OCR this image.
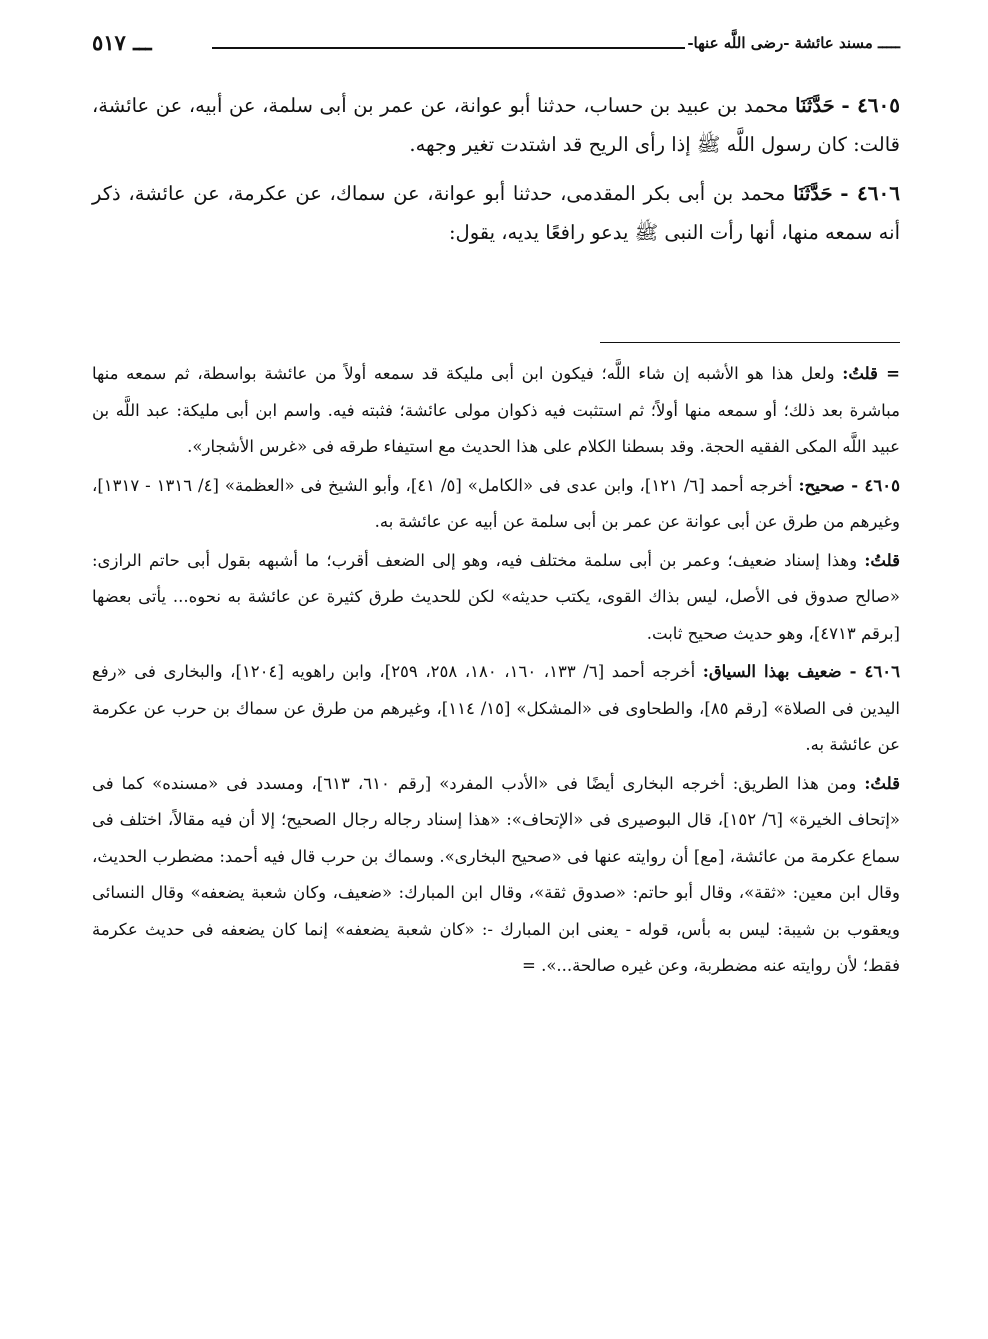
ـــــ مسند عائشة -رضى اللَّه عنها-
ـــ ٥١٧

٤٦٠٥ - حَدَّثَنَا محمد بن عبيد بن حساب، حدثنا أبو عوانة، عن عمر بن أبى سلمة، عن أبيه، عن عائشة، قالت: كان رسول اللَّه ﷺ إذا رأى الريح قد اشتدت تغير وجهه.

٤٦٠٦ - حَدَّثَنَا محمد بن أبى بكر المقدمى، حدثنا أبو عوانة، عن سماك، عن عكرمة، عن عائشة، ذكر أنه سمعه منها، أنها رأت النبى ﷺ يدعو رافعًا يديه، يقول:

= قلتُ: ولعل هذا هو الأشبه إن شاء اللَّه؛ فيكون ابن أبى مليكة قد سمعه أولاً من عائشة بواسطة، ثم سمعه منها مباشرة بعد ذلك؛ أو سمعه منها أولاً؛ ثم استثبت فيه ذكوان مولى عائشة؛ فثبته فيه. واسم ابن أبى مليكة: عبد اللَّه بن عبيد اللَّه المكى الفقيه الحجة. وقد بسطنا الكلام على هذا الحديث مع استيفاء طرقه فى «غرس الأشجار».

٤٦٠٥ - صحيح: أخرجه أحمد [٦/ ١٢١]، وابن عدى فى «الكامل» [٥/ ٤١]، وأبو الشيخ فى «العظمة» [٤/ ١٣١٦ - ١٣١٧]، وغيرهم من طرق عن أبى عوانة عن عمر بن أبى سلمة عن أبيه عن عائشة به.

قلتُ: وهذا إسناد ضعيف؛ وعمر بن أبى سلمة مختلف فيه، وهو إلى الضعف أقرب؛ ما أشبهه بقول أبى حاتم الرازى: «صالح صدوق فى الأصل، ليس بذاك القوى، يكتب حديثه» لكن للحديث طرق كثيرة عن عائشة به نحوه... يأتى بعضها [برقم ٤٧١٣]، وهو حديث صحيح ثابت.

٤٦٠٦ - ضعيف بهذا السياق: أخرجه أحمد [٦/ ١٣٣، ١٦٠، ١٨٠، ٢٥٨، ٢٥٩]، وابن راهويه [١٢٠٤]، والبخارى فى «رفع اليدين فى الصلاة» [رقم ٨٥]، والطحاوى فى «المشكل» [١٥/ ١١٤]، وغيرهم من طرق عن سماك بن حرب عن عكرمة عن عائشة به.

قلتُ: ومن هذا الطريق: أخرجه البخارى أيضًا فى «الأدب المفرد» [رقم ٦١٠، ٦١٣]، ومسدد فى «مسنده» كما فى «إتحاف الخيرة» [٦/ ١٥٢]، قال البوصيرى فى «الإتحاف»: «هذا إسناد رجاله رجال الصحيح؛ إلا أن فيه مقالاً، اختلف فى سماع عكرمة من عائشة، [مع] أن روايته عنها فى «صحيح البخارى». وسماك بن حرب قال فيه أحمد: مضطرب الحديث، وقال ابن معين: «ثقة»، وقال أبو حاتم: «صدوق ثقة»، وقال ابن المبارك: «ضعيف، وكان شعبة يضعفه» وقال النسائى ويعقوب بن شيبة: ليس به بأس، قوله - يعنى ابن المبارك -: «كان شعبة يضعفه» إنما كان يضعفه فى حديث عكرمة فقط؛ لأن روايته عنه مضطربة، وعن غيره صالحة...». =
